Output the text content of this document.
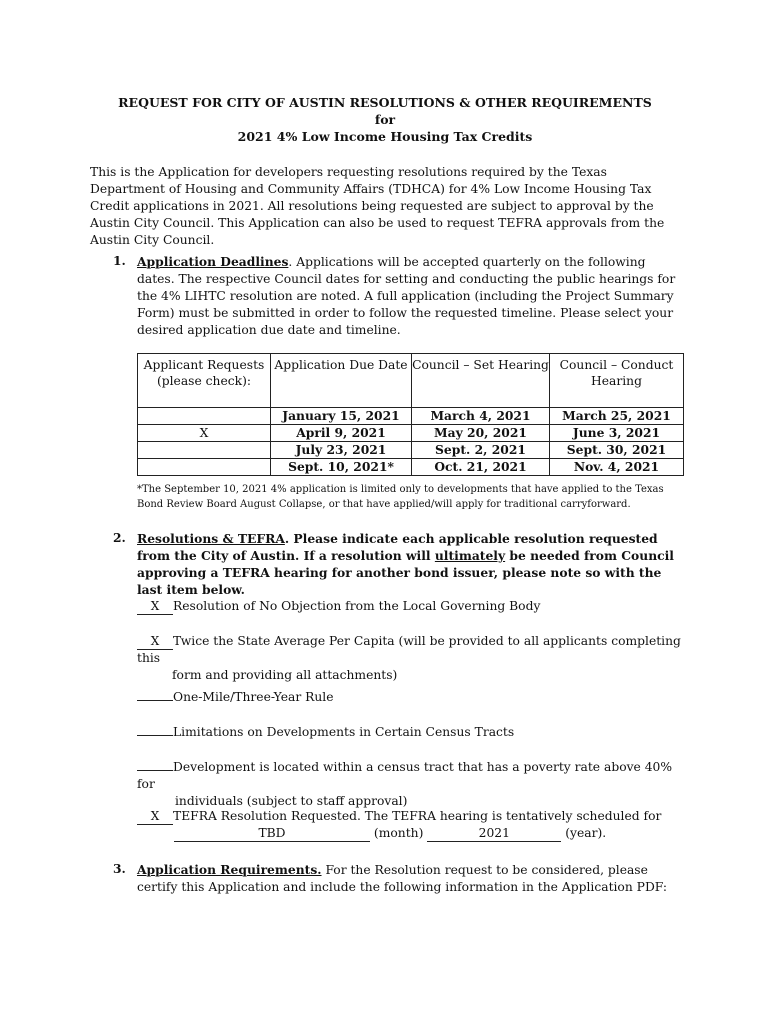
REQUEST FOR CITY OF AUSTIN RESOLUTIONS & OTHER REQUIREMENTS
for
2021 4% Low Income Housing Tax Credits
This is the Application for developers requesting resolutions required by the Texas Department of Housing and Community Affairs (TDHCA) for 4% Low Income Housing Tax Credit applications in 2021. All resolutions being requested are subject to approval by the Austin City Council. This Application can also be used to request TEFRA approvals from the Austin City Council.
1. Application Deadlines. Applications will be accepted quarterly on the following dates. The respective Council dates for setting and conducting the public hearings for the 4% LIHTC resolution are noted. A full application (including the Project Summary Form) must be submitted in order to follow the requested timeline. Please select your desired application due date and timeline.
Applicant Requests (please check):	Application Due Date	Council – Set Hearing	Council – Conduct Hearing
	January 15, 2021	March 4, 2021	March 25, 2021
X	April 9, 2021	May 20, 2021	June 3, 2021
	July 23, 2021	Sept. 2, 2021	Sept. 30, 2021
	Sept. 10, 2021*	Oct. 21, 2021	Nov. 4, 2021
*The September 10, 2021 4% application is limited only to developments that have applied to the Texas Bond Review Board August Collapse, or that have applied/will apply for traditional carryforward.
2. Resolutions & TEFRA. Please indicate each applicable resolution requested from the City of Austin. If a resolution will ultimately be needed from Council approving a TEFRA hearing for another bond issuer, please note so with the last item below.
X Resolution of No Objection from the Local Governing Body
X Twice the State Average Per Capita (will be provided to all applicants completing this
form and providing all attachments)
One-Mile/Three-Year Rule
Limitations on Developments in Certain Census Tracts
Development is located within a census tract that has a poverty rate above 40% for
individuals (subject to staff approval)
X TEFRA Resolution Requested. The TEFRA hearing is tentatively scheduled for
TBD	(month)	2021	(year).
3. Application Requirements. For the Resolution request to be considered, please certify this Application and include the following information in the Application PDF:
